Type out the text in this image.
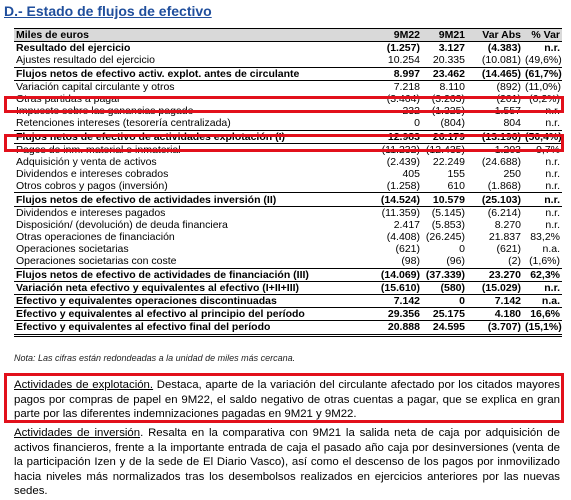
D.- Estado de flujos de efectivo
Miles de euros	9M22	9M21	Var Abs	% Var
Resultado del ejercicio	(1.257)	3.127	(4.383)	n.r.
Ajustes resultado del ejercicio	10.254	20.335	(10.081)	(49,6%)
Flujos netos de efectivo activ. explot. antes de circulante	8.997	23.462	(14.465)	(61,7%)
Variación capital circulante y otros	7.218	8.110	(892)	(11,0%)
Otras partidas a pagar	(3.464)	(3.263)	(201)	(6,2%)
Impuesto sobre las ganancias pagado	232	(1.325)	1.557	n.r.
Retenciones intereses (tesorería centralizada)	0	(804)	804	n.r.
Flujos netos de efectivo de actividades explotación (I)	12.983	26.179	(13.196)	(50,4%)
Pagos de inm. material e inmaterial	(11.232)	(12.435)	1.203	9,7%
Adquisición y venta de activos	(2.439)	22.249	(24.688)	n.r.
Dividendos e intereses cobrados	405	155	250	n.r.
Otros cobros y pagos (inversión)	(1.258)	610	(1.868)	n.r.
Flujos netos de efectivo de actividades inversión (II)	(14.524)	10.579	(25.103)	n.r.
Dividendos e intereses pagados	(11.359)	(5.145)	(6.214)	n.r.
Disposición/ (devolución) de deuda financiera	2.417	(5.853)	8.270	n.r.
Otras operaciones de financiación	(4.408)	(26.245)	21.837	83,2%
Operaciones societarias	(621)	0	(621)	n.a.
Operaciones societarias con coste	(98)	(96)	(2)	(1,6%)
Flujos netos de efectivo de actividades de financiación (III)	(14.069)	(37.339)	23.270	62,3%
Variación neta efectivo y equivalentes al efectivo (I+II+III)	(15.610)	(580)	(15.029)	n.r.
Efectivo y equivalentes operaciones discontinuadas	7.142	0	7.142	n.a.
Efectivo y equivalentes al efectivo al principio del período	29.356	25.175	4.180	16,6%
Efectivo y equivalentes al efectivo final del período	20.888	24.595	(3.707)	(15,1%)
Nota: Las cifras están redondeadas a la unidad de miles más cercana.
Actividades de explotación. Destaca, aparte de la variación del circulante afectado por los citados mayores pagos por compras de papel en 9M22, el saldo negativo de otras cuentas a pagar, que se explica en gran parte por las diferentes indemnizaciones pagadas en 9M21 y 9M22.
Actividades de inversión. Resalta en la comparativa con 9M21 la salida neta de caja por adquisición de activos financieros, frente a la importante entrada de caja el pasado año caja por desinversiones (venta de la participación Izen y de la sede de El Diario Vasco), así como el descenso de los pagos por inmovilizado hacia niveles más normalizados tras los desembolsos realizados en ejercicios anteriores por las nuevas sedes.
